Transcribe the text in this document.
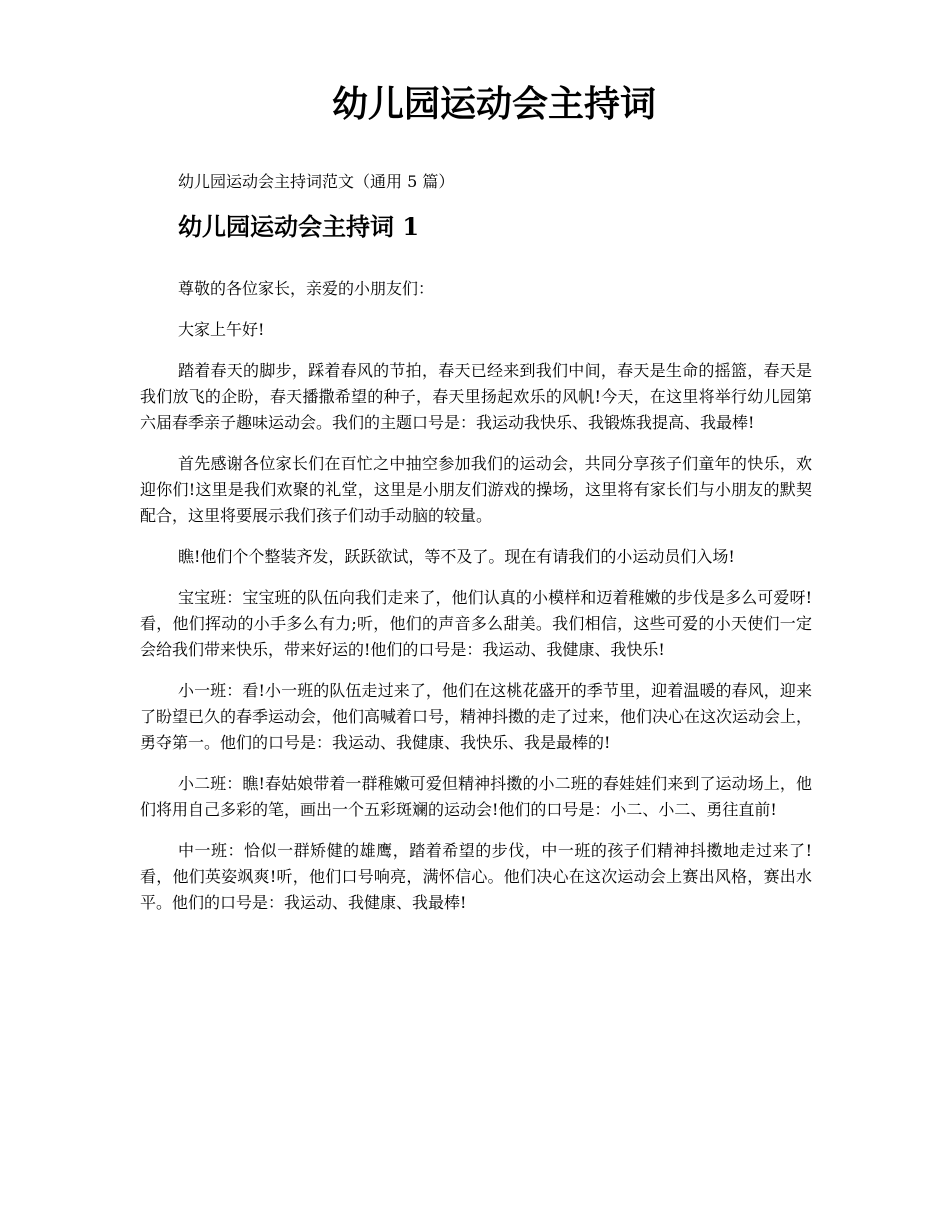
幼儿园运动会主持词

幼儿园运动会主持词范文（通用 5 篇）

幼儿园运动会主持词 1

尊敬的各位家长，亲爱的小朋友们：

大家上午好!

踏着春天的脚步，踩着春风的节拍，春天已经来到我们中间，春天是生命的摇篮，春天是我们放飞的企盼，春天播撒希望的种子，春天里扬起欢乐的风帆!今天，在这里将举行幼儿园第六届春季亲子趣味运动会。我们的主题口号是：我运动我快乐、我锻炼我提高、我最棒!

首先感谢各位家长们在百忙之中抽空参加我们的运动会，共同分享孩子们童年的快乐，欢迎你们!这里是我们欢聚的礼堂，这里是小朋友们游戏的操场，这里将有家长们与小朋友的默契配合，这里将要展示我们孩子们动手动脑的较量。

瞧!他们个个整装齐发，跃跃欲试，等不及了。现在有请我们的小运动员们入场!

宝宝班：宝宝班的队伍向我们走来了，他们认真的小模样和迈着稚嫩的步伐是多么可爱呀!看，他们挥动的小手多么有力;听，他们的声音多么甜美。我们相信，这些可爱的小天使们一定会给我们带来快乐，带来好运的!他们的口号是：我运动、我健康、我快乐!

小一班：看!小一班的队伍走过来了，他们在这桃花盛开的季节里，迎着温暖的春风，迎来了盼望已久的春季运动会，他们高喊着口号，精神抖擞的走了过来，他们决心在这次运动会上，勇夺第一。他们的口号是：我运动、我健康、我快乐、我是最棒的!

小二班：瞧!春姑娘带着一群稚嫩可爱但精神抖擞的小二班的春娃娃们来到了运动场上，他们将用自己多彩的笔，画出一个五彩斑斓的运动会!他们的口号是：小二、小二、勇往直前!

中一班：恰似一群矫健的雄鹰，踏着希望的步伐，中一班的孩子们精神抖擞地走过来了!看，他们英姿飒爽!听，他们口号响亮，满怀信心。他们决心在这次运动会上赛出风格，赛出水平。他们的口号是：我运动、我健康、我最棒!
